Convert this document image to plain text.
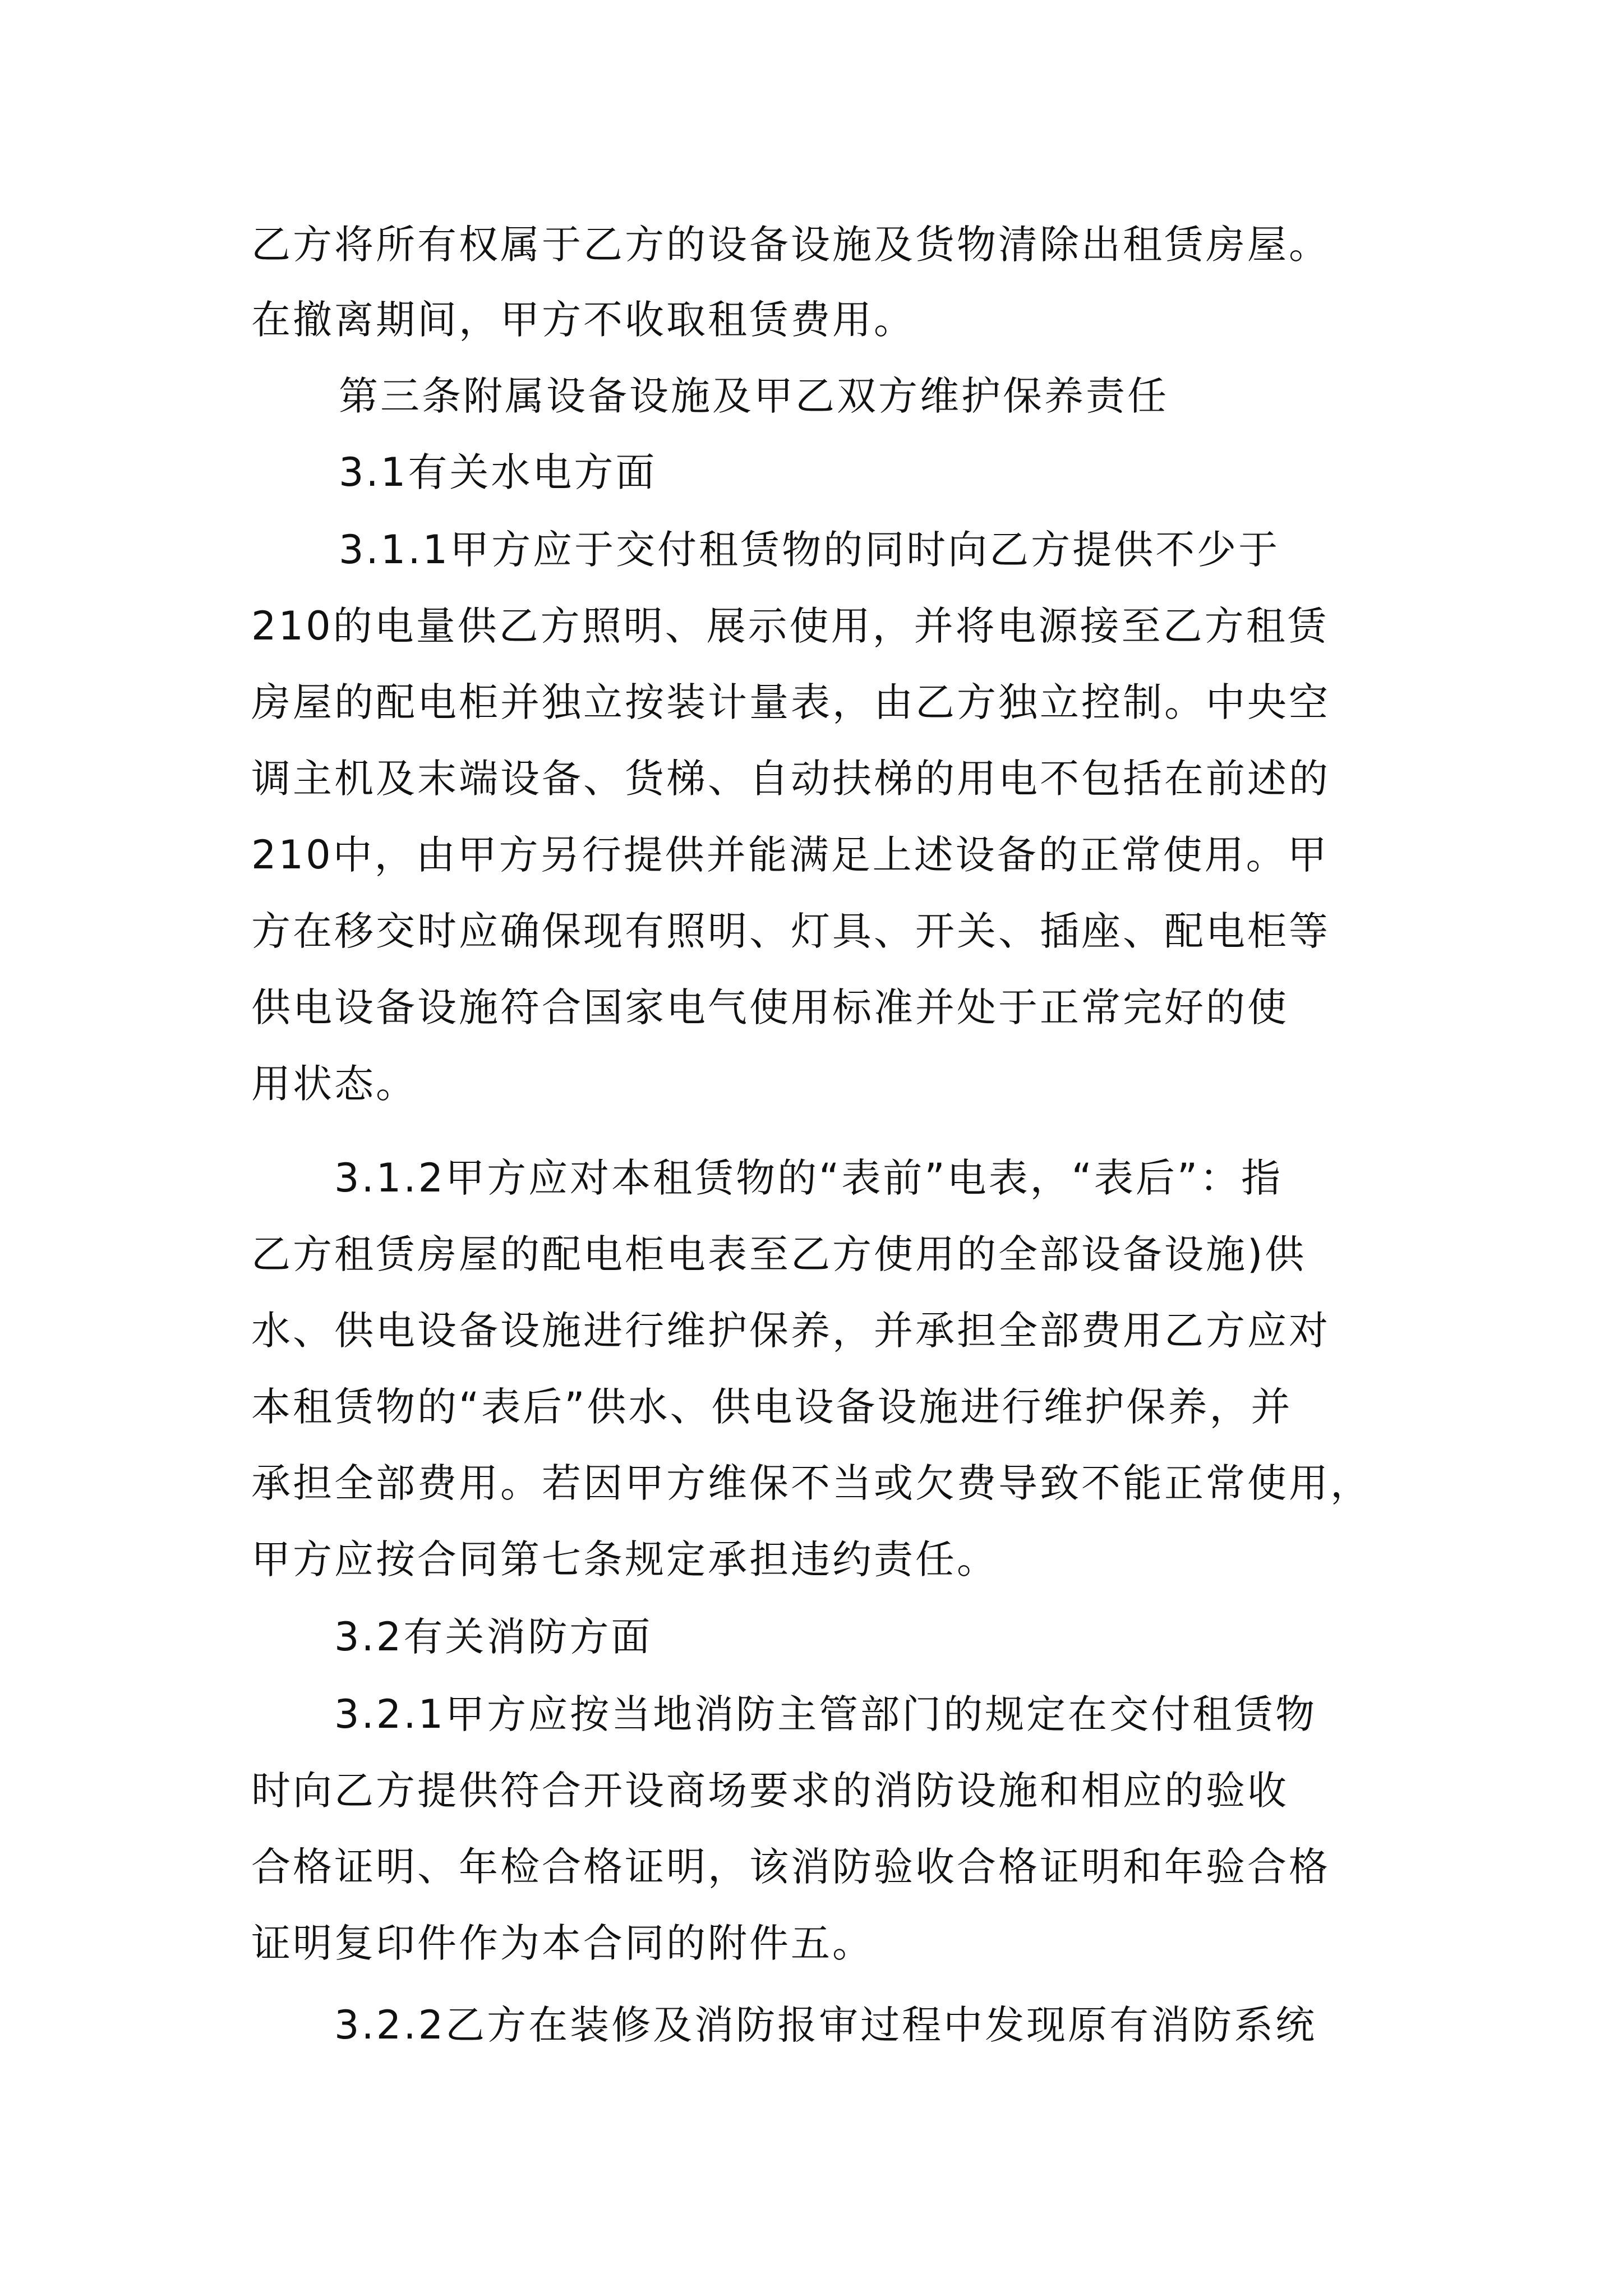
乙方将所有权属于乙方的设备设施及货物清除出租赁房屋。
在撤离期间，甲方不收取租赁费用。
第三条附属设备设施及甲乙双方维护保养责任
3.1有关水电方面
3.1.1甲方应于交付租赁物的同时向乙方提供不少于
210的电量供乙方照明、展示使用，并将电源接至乙方租赁
房屋的配电柜并独立按装计量表，由乙方独立控制。中央空
调主机及末端设备、货梯、自动扶梯的用电不包括在前述的
210中，由甲方另行提供并能满足上述设备的正常使用。甲
方在移交时应确保现有照明、灯具、开关、插座、配电柜等
供电设备设施符合国家电气使用标准并处于正常完好的使
用状态。
3.1.2甲方应对本租赁物的“表前”电表，“表后”：指
乙方租赁房屋的配电柜电表至乙方使用的全部设备设施)供
水、供电设备设施进行维护保养，并承担全部费用乙方应对
本租赁物的“表后”供水、供电设备设施进行维护保养，并
承担全部费用。若因甲方维保不当或欠费导致不能正常使用，
甲方应按合同第七条规定承担违约责任。
3.2有关消防方面
3.2.1甲方应按当地消防主管部门的规定在交付租赁物
时向乙方提供符合开设商场要求的消防设施和相应的验收
合格证明、年检合格证明，该消防验收合格证明和年验合格
证明复印件作为本合同的附件五。
3.2.2乙方在装修及消防报审过程中发现原有消防系统
